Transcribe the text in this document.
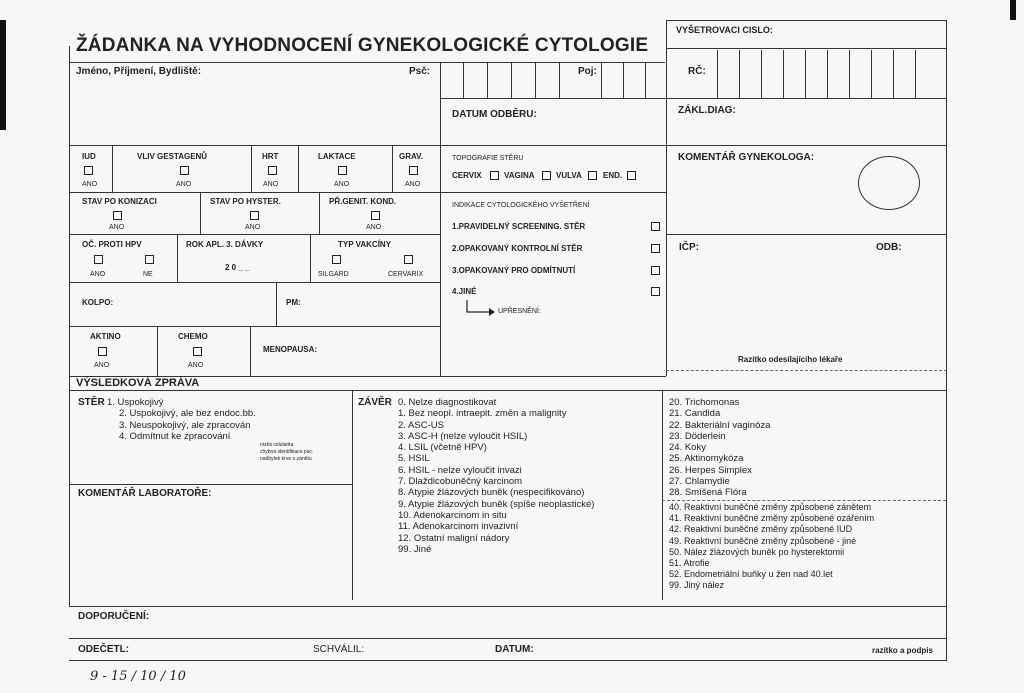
ŽÁDANKA NA VYHODNOCENÍ GYNEKOLOGICKÉ CYTOLOGIE
VYŠETROVACI CISLO:
Jméno, Příjmení, Bydliště:	Psč:	Poj:	RČ:
DATUM ODBĚRU:	ZÁKL.DIAG:
IUD
ANO
VLIV GESTAGENŮ
ANO
HRT
ANO
LAKTACE
ANO
GRAV.
ANO
STAV PO KONIZACI
ANO
STAV PO HYSTER.
ANO
PŘ.GENIT. KOND.
ANO
OČ. PROTI HPV
ANO	NE
ROK APL. 3. DÁVKY
2 0 _ _
TYP VAKCÍNY
SILGARD	CERVARIX
KOLPO:	PM:
AKTINO
ANO
CHEMO
ANO
MENOPAUSA:
TOPOGRAFIE STĚRU
CERVIX	VAGINA	VULVA	END.
INDIKACE CYTOLOGICKÉHO VYŠETŘENÍ
1.PRAVIDELNÝ SCREENING. STĚR
2.OPAKOVANÝ KONTROLNÍ STĚR
3.OPAKOVANÝ PRO ODMÍTNUTÍ
4.JINÉ
UPŘESNĚNÍ:
KOMENTÁŘ GYNEKOLOGA:
IČP:	ODB:
Razítko odesílajícího lékaře
VÝSLEDKOVÁ ZPRÁVA
STĚR 1. Uspokojivý
2. Uspokojivý, ale bez endoc.bb.
3. Neuspokojivý, ale zpracován
4. Odmítnut ke zpracování
nízká celularita
chybná identifikace pac.
nadbytek krve n.zánětu
KOMENTÁŘ LABORATOŘE:
ZÁVĚR 0. Nelze diagnostikovat
1. Bez neopl. intraepit. změn a malignity
2. ASC-US
3. ASC-H (nelze vyloučit HSIL)
4. LSIL (včetně HPV)
5. HSIL
6. HSIL - nelze vyloučit invazi
7. Dlaždicobuněčný karcinom
8. Atypie žlázových buněk (nespecifikováno)
9. Atypie žlázových buněk (spíše neoplastické)
10. Adenokarcinom in situ
11. Adenokarcinom invazivní
12. Ostatní maligní nádory
99. Jiné
20. Trichomonas
21. Candida
22. Bakteriální vaginóza
23. Döderlein
24. Koky
25. Aktinomykóza
26. Herpes Simplex
27. Chlamydie
28. Smíšená Flóra
40. Reaktivní buněčné změny způsobené zánětem
41. Reaktivní buněčné změny způsobené ozářením
42. Reaktivní buněčné změny způsobené IUD
49. Reaktivní buněčné změny způsobené - jiné
50. Nález žlázových buněk po hysterektomii
51. Atrofie
52. Endometriální buňky u žen nad 40.let
99. Jiný nález
DOPORUČENÍ:
ODEČETL:	SCHVÁLIL:	DATUM:	razítko a podpis
9 - 15 / 10 / 10
